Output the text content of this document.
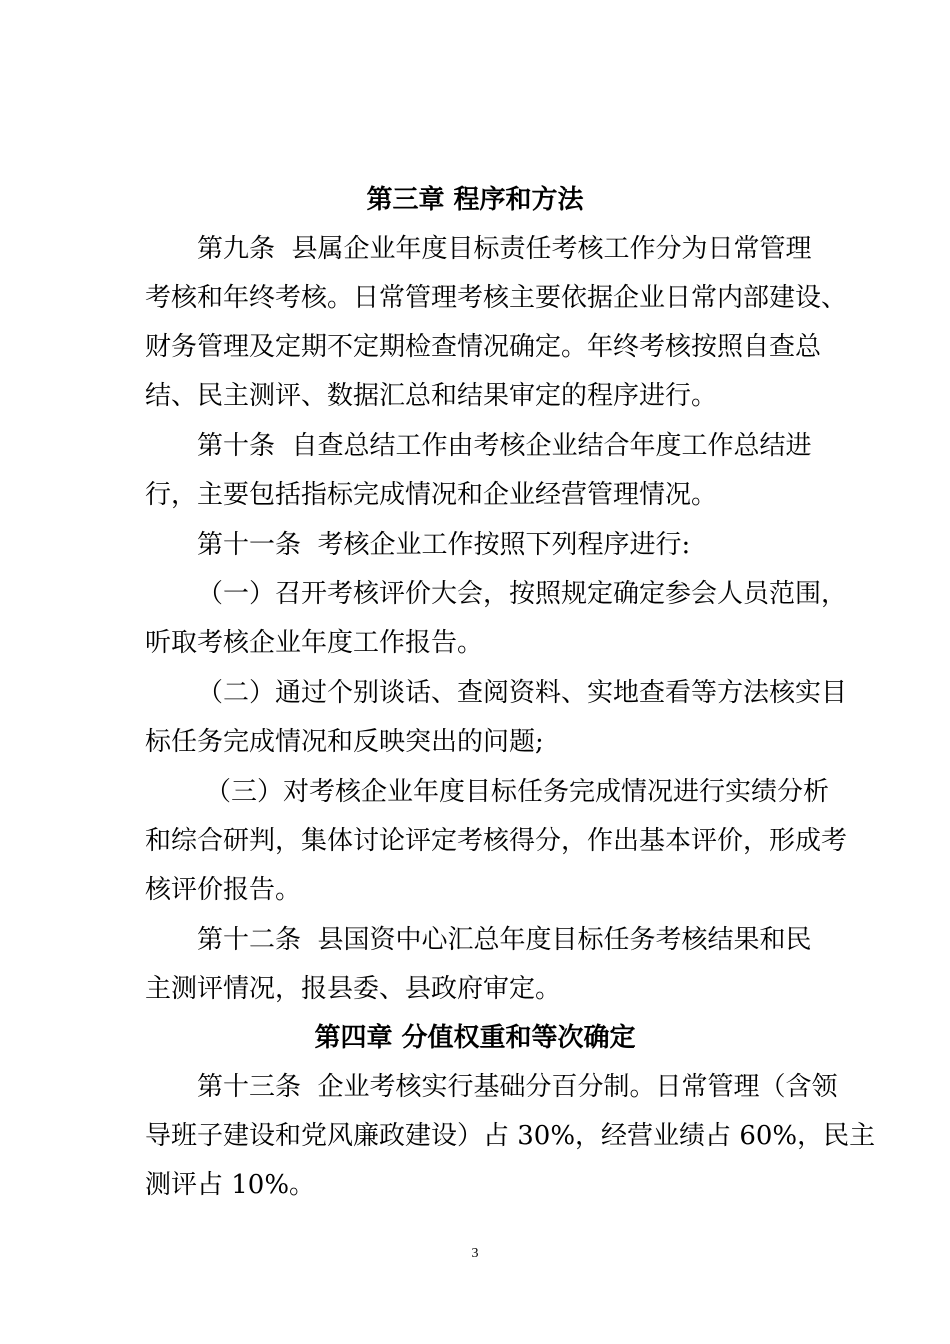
第三章 程序和方法
第九条  县属企业年度目标责任考核工作分为日常管理
考核和年终考核。日常管理考核主要依据企业日常内部建设、
财务管理及定期不定期检查情况确定。年终考核按照自查总
结、民主测评、数据汇总和结果审定的程序进行。
第十条  自查总结工作由考核企业结合年度工作总结进
行，主要包括指标完成情况和企业经营管理情况。
第十一条  考核企业工作按照下列程序进行:
（一）召开考核评价大会，按照规定确定参会人员范围，
听取考核企业年度工作报告。
（二）通过个别谈话、查阅资料、实地查看等方法核实目
标任务完成情况和反映突出的问题;
（三）对考核企业年度目标任务完成情况进行实绩分析
和综合研判，集体讨论评定考核得分，作出基本评价，形成考
核评价报告。
第十二条  县国资中心汇总年度目标任务考核结果和民
主测评情况，报县委、县政府审定。
第四章 分值权重和等次确定
第十三条  企业考核实行基础分百分制。日常管理（含领
导班子建设和党风廉政建设）占 30%，经营业绩占 60%，民主
测评占 10%。
3
